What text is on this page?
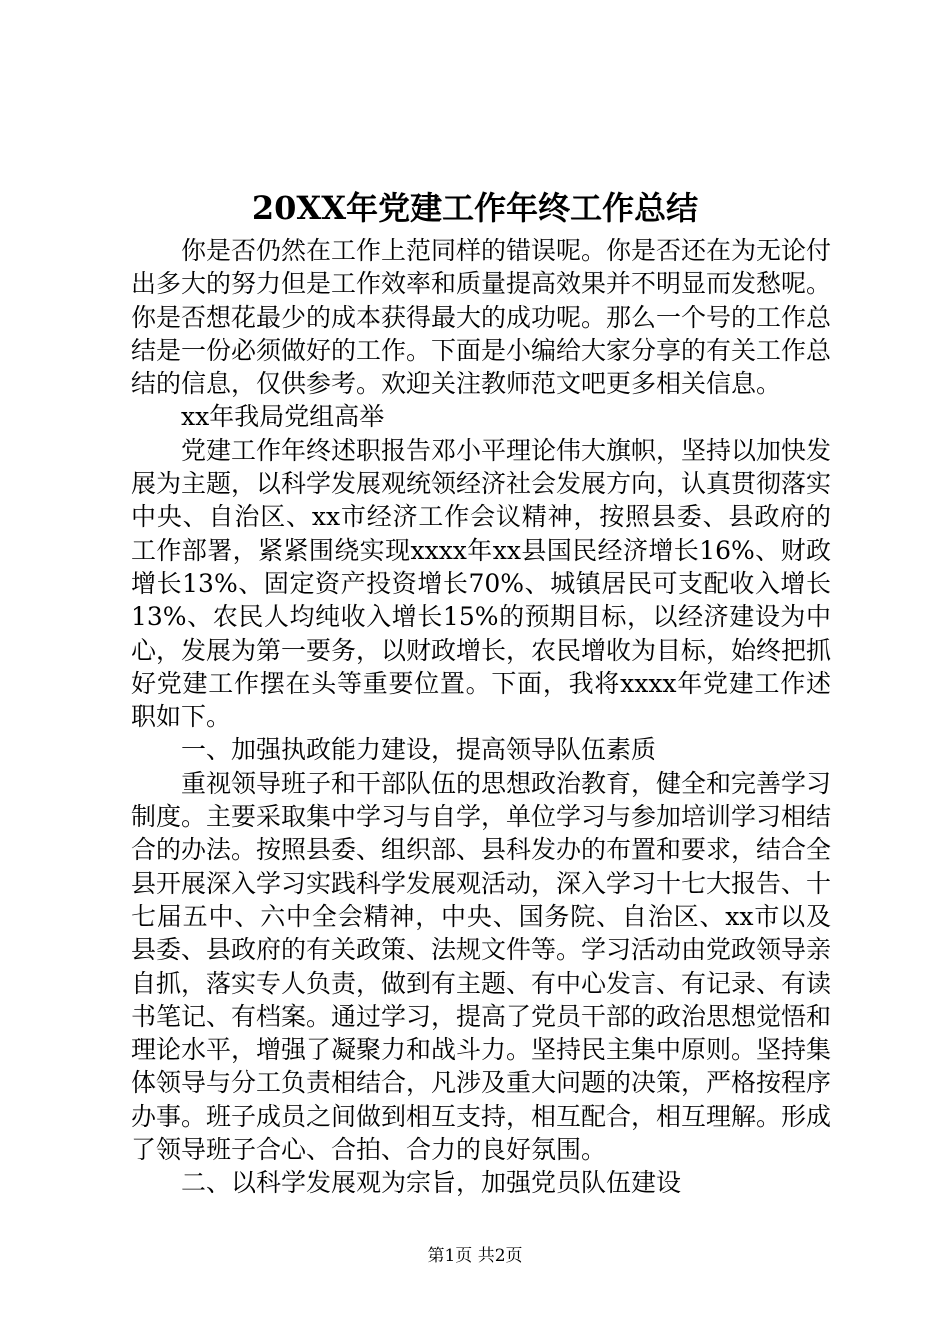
20XX年党建工作年终工作总结

你是否仍然在工作上范同样的错误呢。你是否还在为无论付出多大的努力但是工作效率和质量提高效果并不明显而发愁呢。你是否想花最少的成本获得最大的成功呢。那么一个号的工作总结是一份必须做好的工作。下面是小编给大家分享的有关工作总结的信息，仅供参考。欢迎关注教师范文吧更多相关信息。

xx年我局党组高举

党建工作年终述职报告邓小平理论伟大旗帜，坚持以加快发展为主题，以科学发展观统领经济社会发展方向，认真贯彻落实中央、自治区、xx市经济工作会议精神，按照县委、县政府的工作部署，紧紧围绕实现xxxx年xx县国民经济增长16%、财政增长13%、固定资产投资增长70%、城镇居民可支配收入增长13%、农民人均纯收入增长15%的预期目标，以经济建设为中心，发展为第一要务，以财政增长，农民增收为目标，始终把抓好党建工作摆在头等重要位置。下面，我将xxxx年党建工作述职如下。

一、加强执政能力建设，提高领导队伍素质

重视领导班子和干部队伍的思想政治教育，健全和完善学习制度。主要采取集中学习与自学，单位学习与参加培训学习相结合的办法。按照县委、组织部、县科发办的布置和要求，结合全县开展深入学习实践科学发展观活动，深入学习十七大报告、十七届五中、六中全会精神，中央、国务院、自治区、xx市以及县委、县政府的有关政策、法规文件等。学习活动由党政领导亲自抓，落实专人负责，做到有主题、有中心发言、有记录、有读书笔记、有档案。通过学习，提高了党员干部的政治思想觉悟和理论水平，增强了凝聚力和战斗力。坚持民主集中原则。坚持集体领导与分工负责相结合，凡涉及重大问题的决策，严格按程序办事。班子成员之间做到相互支持，相互配合，相互理解。形成了领导班子合心、合拍、合力的良好氛围。

二、以科学发展观为宗旨，加强党员队伍建设

第1页 共2页
